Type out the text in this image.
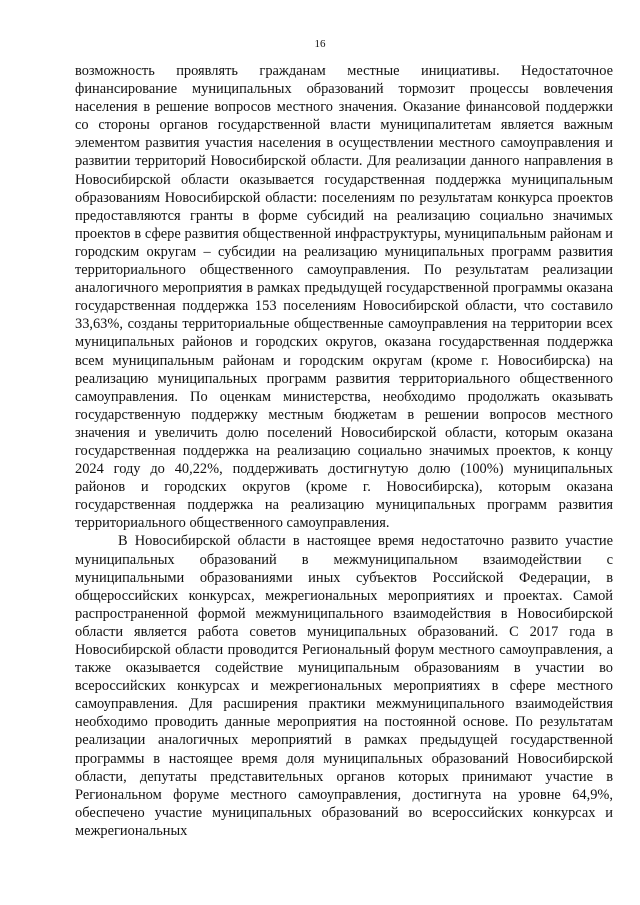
16

возможность проявлять гражданам местные инициативы. Недостаточное финансирование муниципальных образований тормозит процессы вовлечения населения в решение вопросов местного значения. Оказание финансовой поддержки со стороны органов государственной власти муниципалитетам является важным элементом развития участия населения в осуществлении местного самоуправления и развитии территорий Новосибирской области. Для реализации данного направления в Новосибирской области оказывается государственная поддержка муниципальным образованиям Новосибирской области: поселениям по результатам конкурса проектов предоставляются гранты в форме субсидий на реализацию социально значимых проектов в сфере развития общественной инфраструктуры, муниципальным районам и городским округам – субсидии на реализацию муниципальных программ развития территориального общественного самоуправления. По результатам реализации аналогичного мероприятия в рамках предыдущей государственной программы оказана государственная поддержка 153 поселениям Новосибирской области, что составило 33,63%, созданы территориальные общественные самоуправления на территории всех муниципальных районов и городских округов, оказана государственная поддержка всем муниципальным районам и городским округам (кроме г. Новосибирска) на реализацию муниципальных программ развития территориального общественного самоуправления. По оценкам министерства, необходимо продолжать оказывать государственную поддержку местным бюджетам в решении вопросов местного значения и увеличить долю поселений Новосибирской области, которым оказана государственная поддержка на реализацию социально значимых проектов, к концу 2024 году до 40,22%, поддерживать достигнутую долю (100%) муниципальных районов и городских округов (кроме г. Новосибирска), которым оказана государственная поддержка на реализацию муниципальных программ развития территориального общественного самоуправления.

В Новосибирской области в настоящее время недостаточно развито участие муниципальных образований в межмуниципальном взаимодействии с муниципальными образованиями иных субъектов Российской Федерации, в общероссийских конкурсах, межрегиональных мероприятиях и проектах. Самой распространенной формой межмуниципального взаимодействия в Новосибирской области является работа советов муниципальных образований. С 2017 года в Новосибирской области проводится Региональный форум местного самоуправления, а также оказывается содействие муниципальным образованиям в участии во всероссийских конкурсах и межрегиональных мероприятиях в сфере местного самоуправления. Для расширения практики межмуниципального взаимодействия необходимо проводить данные мероприятия на постоянной основе. По результатам реализации аналогичных мероприятий в рамках предыдущей государственной программы в настоящее время доля муниципальных образований Новосибирской области, депутаты представительных органов которых принимают участие в Региональном форуме местного самоуправления, достигнута на уровне 64,9%, обеспечено участие муниципальных образований во всероссийских конкурсах и межрегиональных
